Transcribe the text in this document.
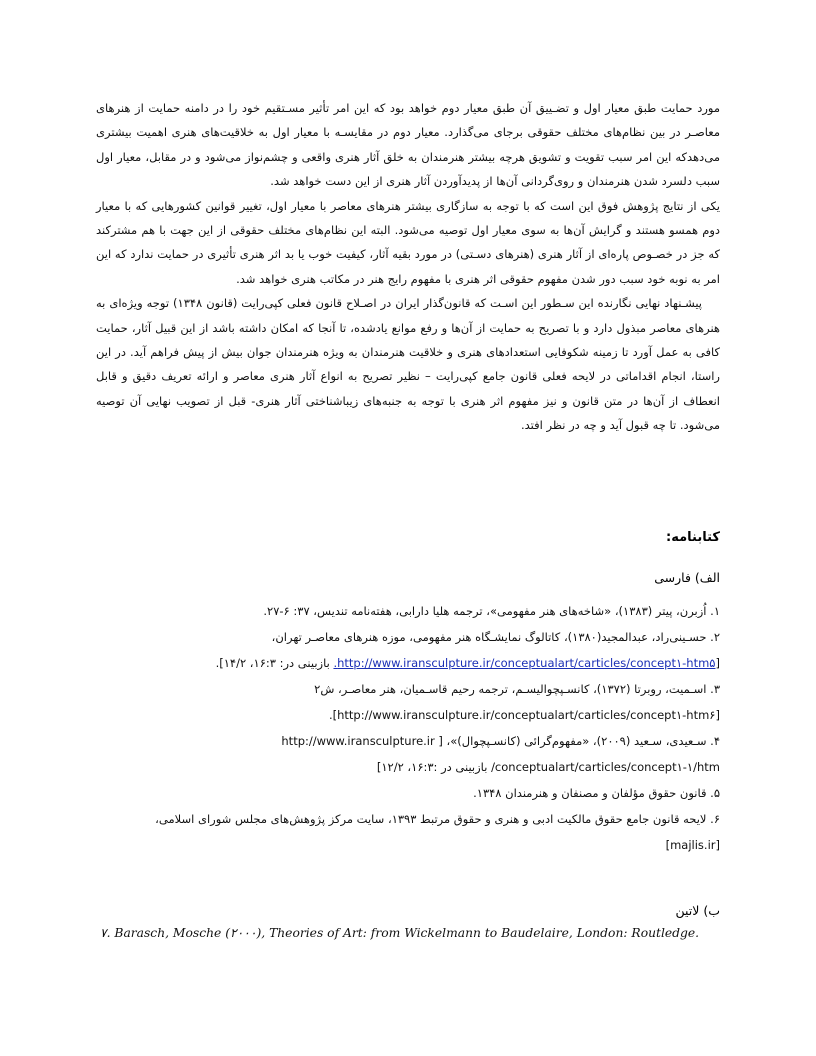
مورد حمایت طبق معیار اول و تضـییق آن طبق معیار دوم خواهد بود که این امر تأثیر مسـتقیم خود را در دامنه حمایت از هنرهای معاصـر در بین نظام‌های مختلف حقوقی برجای می‌گذارد. معیار دوم در مقایسـه با معیار اول به خلاقیت‌های هنری اهمیت بیشتری می‌دهدکه این امر سبب تقویت و تشویق هرچه بیشتر هنرمندان به خلق آثار هنری واقعی و چشم‌نواز می‌شود و در مقابل، معیار اول سبب دلسرد شدن هنرمندان و روی‌گردانی آن‌ها از پدیدآوردن آثار هنری از این دست خواهد شد.

یکی از نتایج پژوهش فوق این است که با توجه به سازگاری بیشتر هنرهای معاصر با معیار اول، تغییر قوانین کشورهایی که با معیار دوم همسو هستند و گرایش آن‌ها به سوی معیار اول توصیه می‌شود. البته این نظام‌های مختلف حقوقی از این جهت با هم مشترکند که جز در خصـوص پاره‌ای از آثار هنری (هنرهای دسـتی) در مورد بقیه آثار، کیفیت خوب یا بد اثر هنری تأثیری در حمایت ندارد که این امر به نوبه خود سبب دور شدن مفهوم حقوقی اثر هنری با مفهوم رایج هنر در مکاتب هنری خواهد شد.

پیشـنهاد نهایی نگارنده این سـطور این اسـت که قانون‌گذار ایران در اصـلاح قانون فعلی کپی‌رایت (قانون ۱۳۴۸) توجه ویژه‌ای به هنرهای معاصر مبذول دارد و با تصریح به حمایت از آن‌ها و رفع موانع یادشده، تا آنجا که امکان داشته باشد از این قبیل آثار، حمایت کافی به عمل آورد تا زمینه شکوفایی استعدادهای هنری و خلاقیت هنرمندان به ویژه هنرمندان جوان بیش از پیش فراهم آید. در این راستا، انجام اقداماتی در لایحه فعلی قانون جامع کپی‌رایت – نظیر تصریح به انواع آثار هنری معاصر و ارائه تعریف دقیق و قابل انعطاف از آن‌ها در متن قانون و نیز مفهوم اثر هنری با توجه به جنبه‌های زیباشناختی آثار هنری- قبل از تصویب نهایی آن توصیه می‌شود. تا چه قبول آید و چه در نظر افتد.

کتابنامه:
الف) فارسی

۱. اُزبرن، پیتر (۱۳۸۳)، «شاخه‌های هنر مفهومی»، ترجمه هلیا دارابی، هفته‌نامه تندیس، ۳۷: ۶-۲۷.

۲. حسـینی‌راد، عبدالمجید(۱۳۸۰)، کاتالوگ نمایشـگاه هنر مفهومی، موزه هنرهای معاصـر تهران،
[http://www.iransculpture.ir/conceptualart/carticles/concept۱-htm۵. بازبینی در: ۱۶:۳، ۱۴/۲].

۳. اسـمیت، روبرتا (۱۳۷۲)، کانسـپچوالیسـم، ترجمه رحیم قاسـمیان، هنر معاصـر، ش۲
[http://www.iransculpture.ir/conceptualart/carticles/concept۱-htm۶].

۴. سـعیدی، سـعید (۲۰۰۹)، «مفهوم‌گرائی (کانسـپچوال)»، [ http://www.iransculpture.ir
/conceptualart/carticles/concept۱-۱/htm بازبینی در :۱۶:۳، ۱۲/۲]

۵. قانون حقوق مؤلفان و مصنفان و هنرمندان ۱۳۴۸.

۶. لایحه قانون جامع حقوق مالکیت ادبی و هنری و حقوق مرتبط ۱۳۹۳، سایت مرکز پژوهش‌های مجلس شورای اسلامی،
[majlis.ir]

ب) لاتین
۷. Barasch, Mosche (۲۰۰۰), Theories of Art: from Wickelmann to Baudelaire, London: Routledge.
